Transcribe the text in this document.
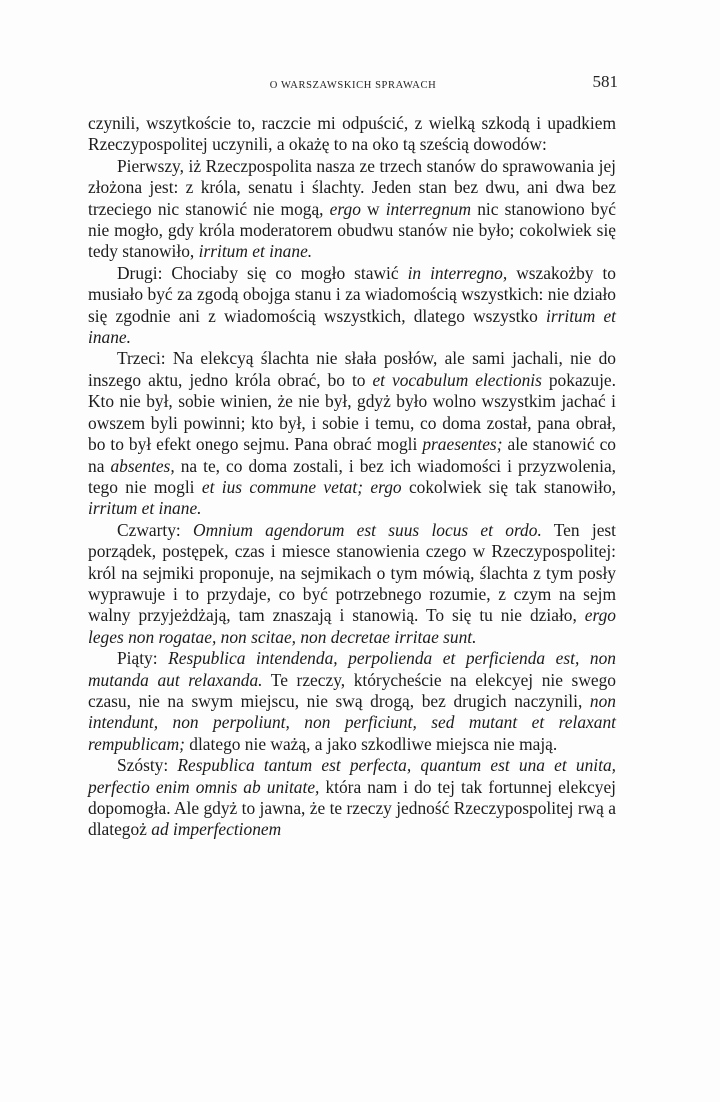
O WARSZAWSKICH SPRAWACH	581

czynili, wszytkoście to, raczcie mi odpuścić, z wielką szkodą i upadkiem Rzeczypospolitej uczynili, a okażę to na oko tą sześcią dowodów:

Pierwszy, iż Rzeczpospolita nasza ze trzech stanów do sprawowania jej złożona jest: z króla, senatu i ślachty. Jeden stan bez dwu, ani dwa bez trzeciego nic stanowić nie mogą, ergo w interregnum nic stanowiono być nie mogło, gdy króla moderatorem obudwu stanów nie było; cokolwiek się tedy stanowiło, irritum et inane.

Drugi: Chociaby się co mogło stawić in interregno, wszakożby to musiało być za zgodą obojga stanu i za wiadomością wszystkich: nie działo się zgodnie ani z wiadomością wszystkich, dlatego wszystko irritum et inane.

Trzeci: Na elekcyą ślachta nie słała posłów, ale sami jachali, nie do inszego aktu, jedno króla obrać, bo to et vocabulum electionis pokazuje. Kto nie był, sobie winien, że nie był, gdyż było wolno wszystkim jachać i owszem byli powinni; kto był, i sobie i temu, co doma został, pana obrał, bo to był efekt onego sejmu. Pana obrać mogli praesentes; ale stanowić co na absentes, na te, co doma zostali, i bez ich wiadomości i przyzwolenia, tego nie mogli et ius commune vetat; ergo cokolwiek się tak stanowiło, irritum et inane.

Czwarty: Omnium agendorum est suus locus et ordo. Ten jest porządek, postępek, czas i miesce stanowienia czego w Rzeczypospolitej: król na sejmiki proponuje, na sejmikach o tym mówią, ślachta z tym posły wyprawuje i to przydaje, co być potrzebnego rozumie, z czym na sejm walny przyjeżdżają, tam znaszają i stanowią. To się tu nie działo, ergo leges non rogatae, non scitae, non decretae irritae sunt.

Piąty: Respublica intendenda, perpolienda et perficienda est, non mutanda aut relaxanda. Te rzeczy, którycheście na elekcyej nie swego czasu, nie na swym miejscu, nie swą drogą, bez drugich naczynili, non intendunt, non perpoliunt, non perficiunt, sed mutant et relaxant rempublicam; dlatego nie ważą, a jako szkodliwe miejsca nie mają.

Szósty: Respublica tantum est perfecta, quantum est una et unita, perfectio enim omnis ab unitate, która nam i do tej tak fortunnej elekcyej dopomogła. Ale gdyż to jawna, że te rzeczy jedność Rzeczypospolitej rwą a dlategoż ad imperfectionem
